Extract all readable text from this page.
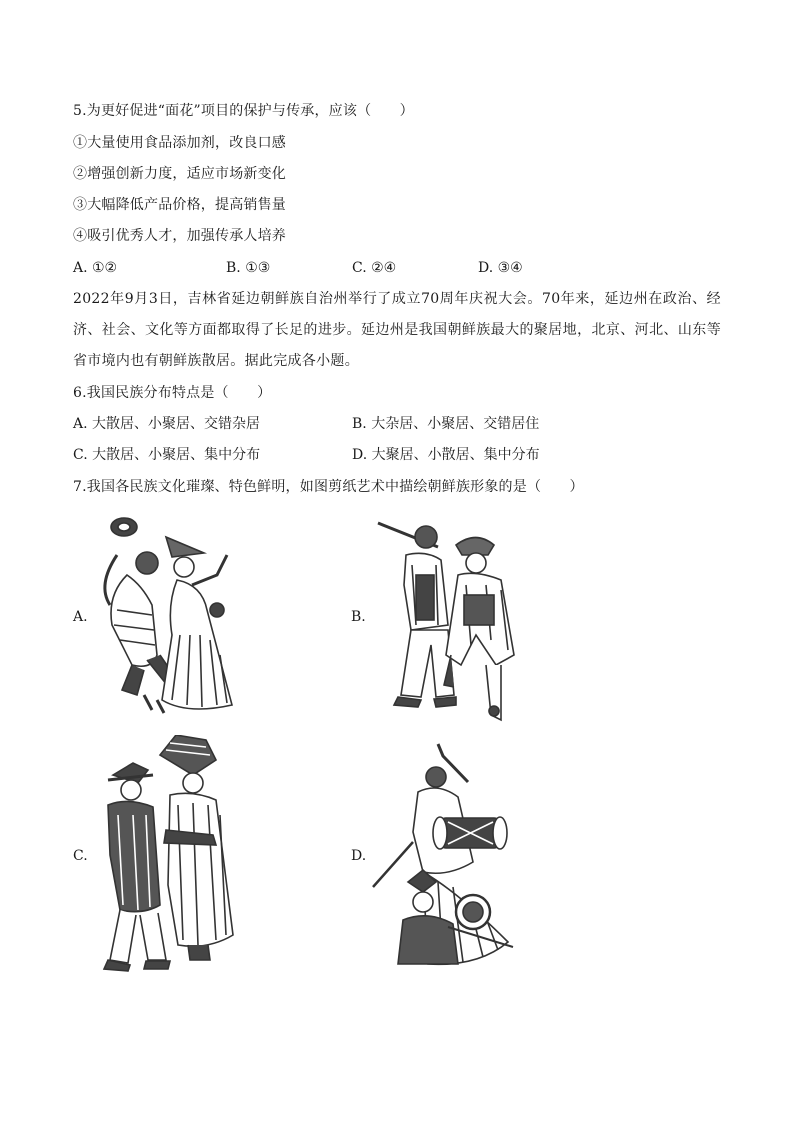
5.为更好促进“面花”项目的保护与传承，应该（　　）
①大量使用食品添加剂，改良口感
②增强创新力度，适应市场新变化
③大幅降低产品价格，提高销售量
④吸引优秀人才，加强传承人培养
A. ①②	B. ①③	C. ②④	D. ③④
2022年9月3日，吉林省延边朝鲜族自治州举行了成立70周年庆祝大会。70年来，延边州在政治、经济、社会、文化等方面都取得了长足的进步。延边州是我国朝鲜族最大的聚居地，北京、河北、山东等省市境内也有朝鲜族散居。据此完成各小题。
6.我国民族分布特点是（　　）
A. 大散居、小聚居、交错杂居	B. 大杂居、小聚居、交错居住
C. 大散居、小聚居、集中分布	D. 大聚居、小散居、集中分布
7.我国各民族文化璀璨、特色鲜明，如图剪纸艺术中描绘朝鲜族形象的是（　　）
A.	B.
C.	D.
